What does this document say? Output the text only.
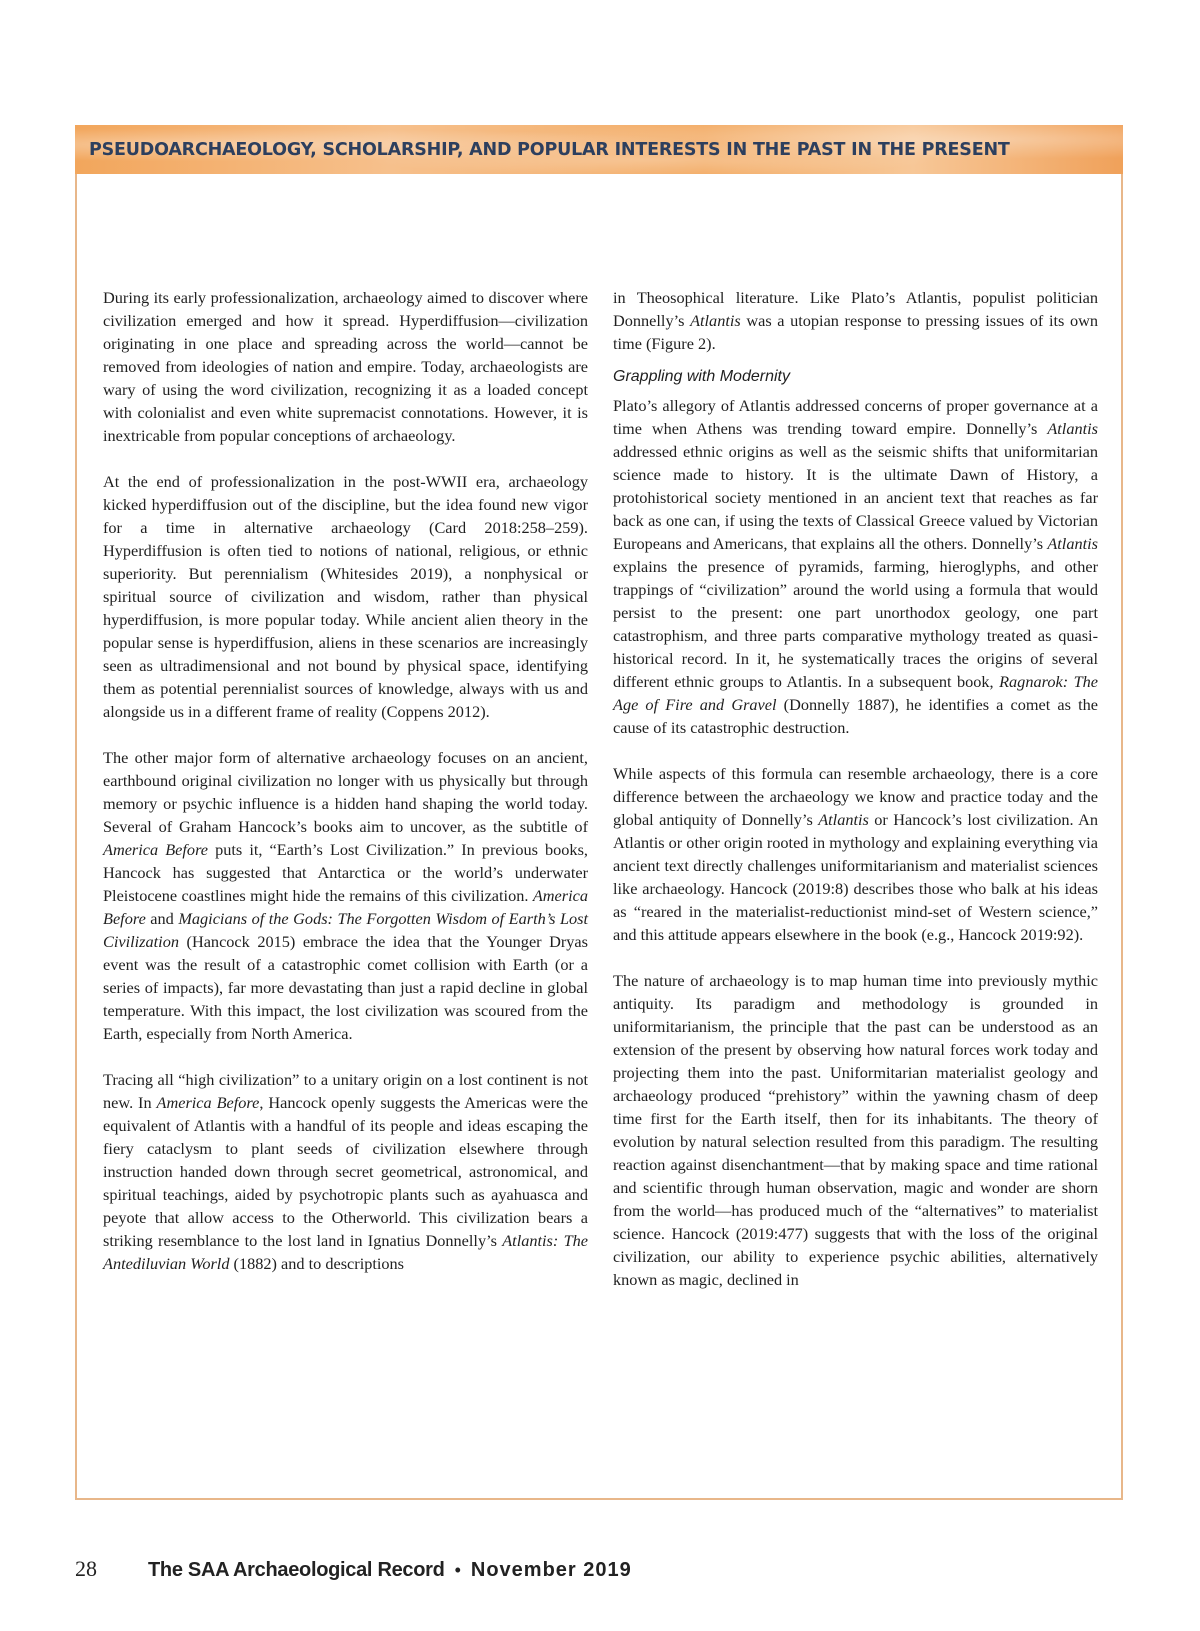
PSEUDOARCHAEOLOGY, SCHOLARSHIP, AND POPULAR INTERESTS IN THE PAST IN THE PRESENT

During its early professionalization, archaeology aimed to discover where civilization emerged and how it spread. Hyperdiffusion—civilization originating in one place and spreading across the world—cannot be removed from ideologies of nation and empire. Today, archaeologists are wary of using the word civilization, recognizing it as a loaded concept with colonialist and even white supremacist connotations. However, it is inextricable from popular conceptions of archaeology.

At the end of professionalization in the post-WWII era, archaeology kicked hyperdiffusion out of the discipline, but the idea found new vigor for a time in alternative archaeology (Card 2018:258–259). Hyperdiffusion is often tied to notions of national, religious, or ethnic superiority. But perennialism (Whitesides 2019), a nonphysical or spiritual source of civilization and wisdom, rather than physical hyperdiffusion, is more popular today. While ancient alien theory in the popular sense is hyperdiffusion, aliens in these scenarios are increasingly seen as ultradimensional and not bound by physical space, identifying them as potential perennialist sources of knowledge, always with us and alongside us in a different frame of reality (Coppens 2012).

The other major form of alternative archaeology focuses on an ancient, earthbound original civilization no longer with us physically but through memory or psychic influence is a hidden hand shaping the world today. Several of Graham Hancock’s books aim to uncover, as the subtitle of America Before puts it, “Earth’s Lost Civilization.” In previous books, Hancock has suggested that Antarctica or the world’s underwater Pleistocene coastlines might hide the remains of this civilization. America Before and Magicians of the Gods: The Forgotten Wisdom of Earth’s Lost Civilization (Hancock 2015) embrace the idea that the Younger Dryas event was the result of a catastrophic comet collision with Earth (or a series of impacts), far more devastating than just a rapid decline in global temperature. With this impact, the lost civilization was scoured from the Earth, especially from North America.

Tracing all “high civilization” to a unitary origin on a lost continent is not new. In America Before, Hancock openly suggests the Americas were the equivalent of Atlantis with a handful of its people and ideas escaping the fiery cataclysm to plant seeds of civilization elsewhere through instruction handed down through secret geometrical, astronomical, and spiritual teachings, aided by psychotropic plants such as ayahuasca and peyote that allow access to the Otherworld. This civilization bears a striking resemblance to the lost land in Ignatius Donnelly’s Atlantis: The Antediluvian World (1882) and to descriptions

in Theosophical literature. Like Plato’s Atlantis, populist politician Donnelly’s Atlantis was a utopian response to pressing issues of its own time (Figure 2).

Grappling with Modernity

Plato’s allegory of Atlantis addressed concerns of proper governance at a time when Athens was trending toward empire. Donnelly’s Atlantis addressed ethnic origins as well as the seismic shifts that uniformitarian science made to history. It is the ultimate Dawn of History, a protohistorical society mentioned in an ancient text that reaches as far back as one can, if using the texts of Classical Greece valued by Victorian Europeans and Americans, that explains all the others. Donnelly’s Atlantis explains the presence of pyramids, farming, hieroglyphs, and other trappings of “civilization” around the world using a formula that would persist to the present: one part unorthodox geology, one part catastrophism, and three parts comparative mythology treated as quasi-historical record. In it, he systematically traces the origins of several different ethnic groups to Atlantis. In a subsequent book, Ragnarok: The Age of Fire and Gravel (Donnelly 1887), he identifies a comet as the cause of its catastrophic destruction.

While aspects of this formula can resemble archaeology, there is a core difference between the archaeology we know and practice today and the global antiquity of Donnelly’s Atlantis or Hancock’s lost civilization. An Atlantis or other origin rooted in mythology and explaining everything via ancient text directly challenges uniformitarianism and materialist sciences like archaeology. Hancock (2019:8) describes those who balk at his ideas as “reared in the materialist-reductionist mind-set of Western science,” and this attitude appears elsewhere in the book (e.g., Hancock 2019:92).

The nature of archaeology is to map human time into previously mythic antiquity. Its paradigm and methodology is grounded in uniformitarianism, the principle that the past can be understood as an extension of the present by observing how natural forces work today and projecting them into the past. Uniformitarian materialist geology and archaeology produced “prehistory” within the yawning chasm of deep time first for the Earth itself, then for its inhabitants. The theory of evolution by natural selection resulted from this paradigm. The resulting reaction against disenchantment—that by making space and time rational and scientific through human observation, magic and wonder are shorn from the world—has produced much of the “alternatives” to materialist science. Hancock (2019:477) suggests that with the loss of the original civilization, our ability to experience psychic abilities, alternatively known as magic, declined in

28	The SAA Archaeological Record • November 2019
